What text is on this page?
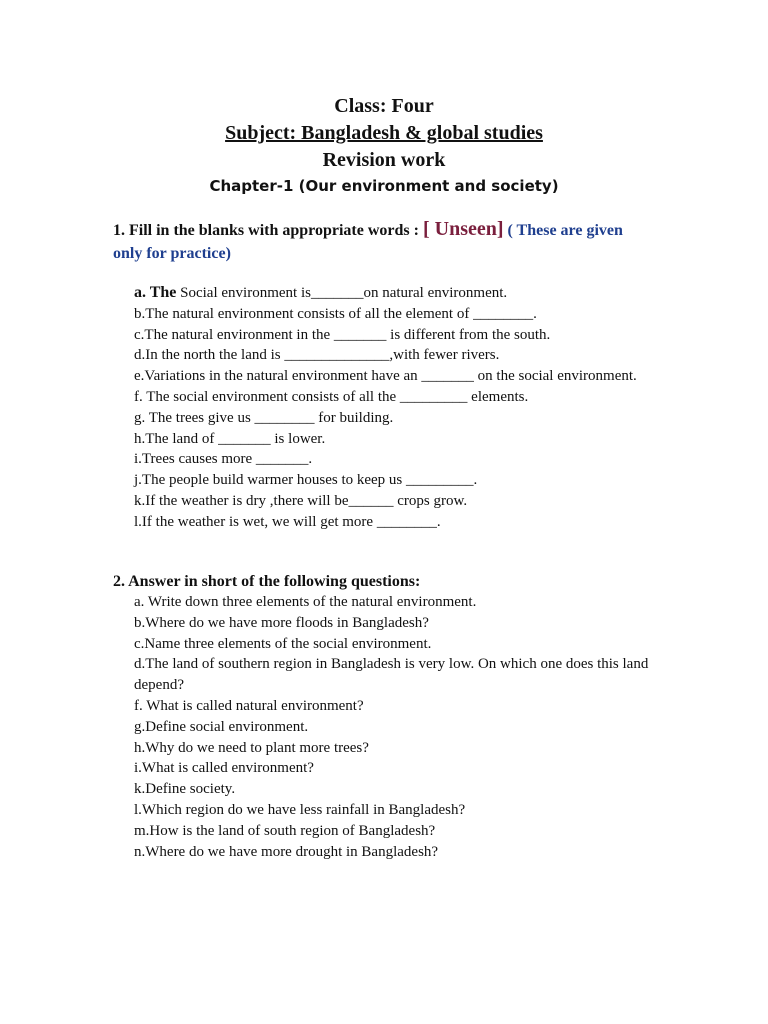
Class: Four
Subject: Bangladesh & global studies
Revision work
Chapter-1 (Our environment and society)
1. Fill in the blanks with appropriate words : [ Unseen] ( These are given only for practice)
a. The Social environment is_______on natural environment.
b.The natural environment consists of all the element of ________.
c.The natural environment in the _______ is different from the south.
d.In the north the land is ______________,with fewer rivers.
e.Variations in the natural environment have an _______ on the social environment.
f. The social environment consists of all the _________ elements.
g. The trees give us ________ for building.
h.The land of _______ is lower.
i.Trees causes more _______.
j.The people build warmer houses to keep us _________.
k.If the weather is dry ,there will be______ crops grow.
l.If the weather is wet, we will get more ________.
2. Answer in short of the following questions:
a. Write down three elements of the natural environment.
b.Where do we have more floods in Bangladesh?
c.Name three elements of the social environment.
d.The land of southern region in Bangladesh is very low. On which one does this land depend?
f. What is called natural environment?
g.Define social environment.
h.Why do we need to plant more trees?
i.What is called environment?
k.Define society.
l.Which region do we have less rainfall in Bangladesh?
m.How is the land of south region of Bangladesh?
n.Where do we have more drought in Bangladesh?
